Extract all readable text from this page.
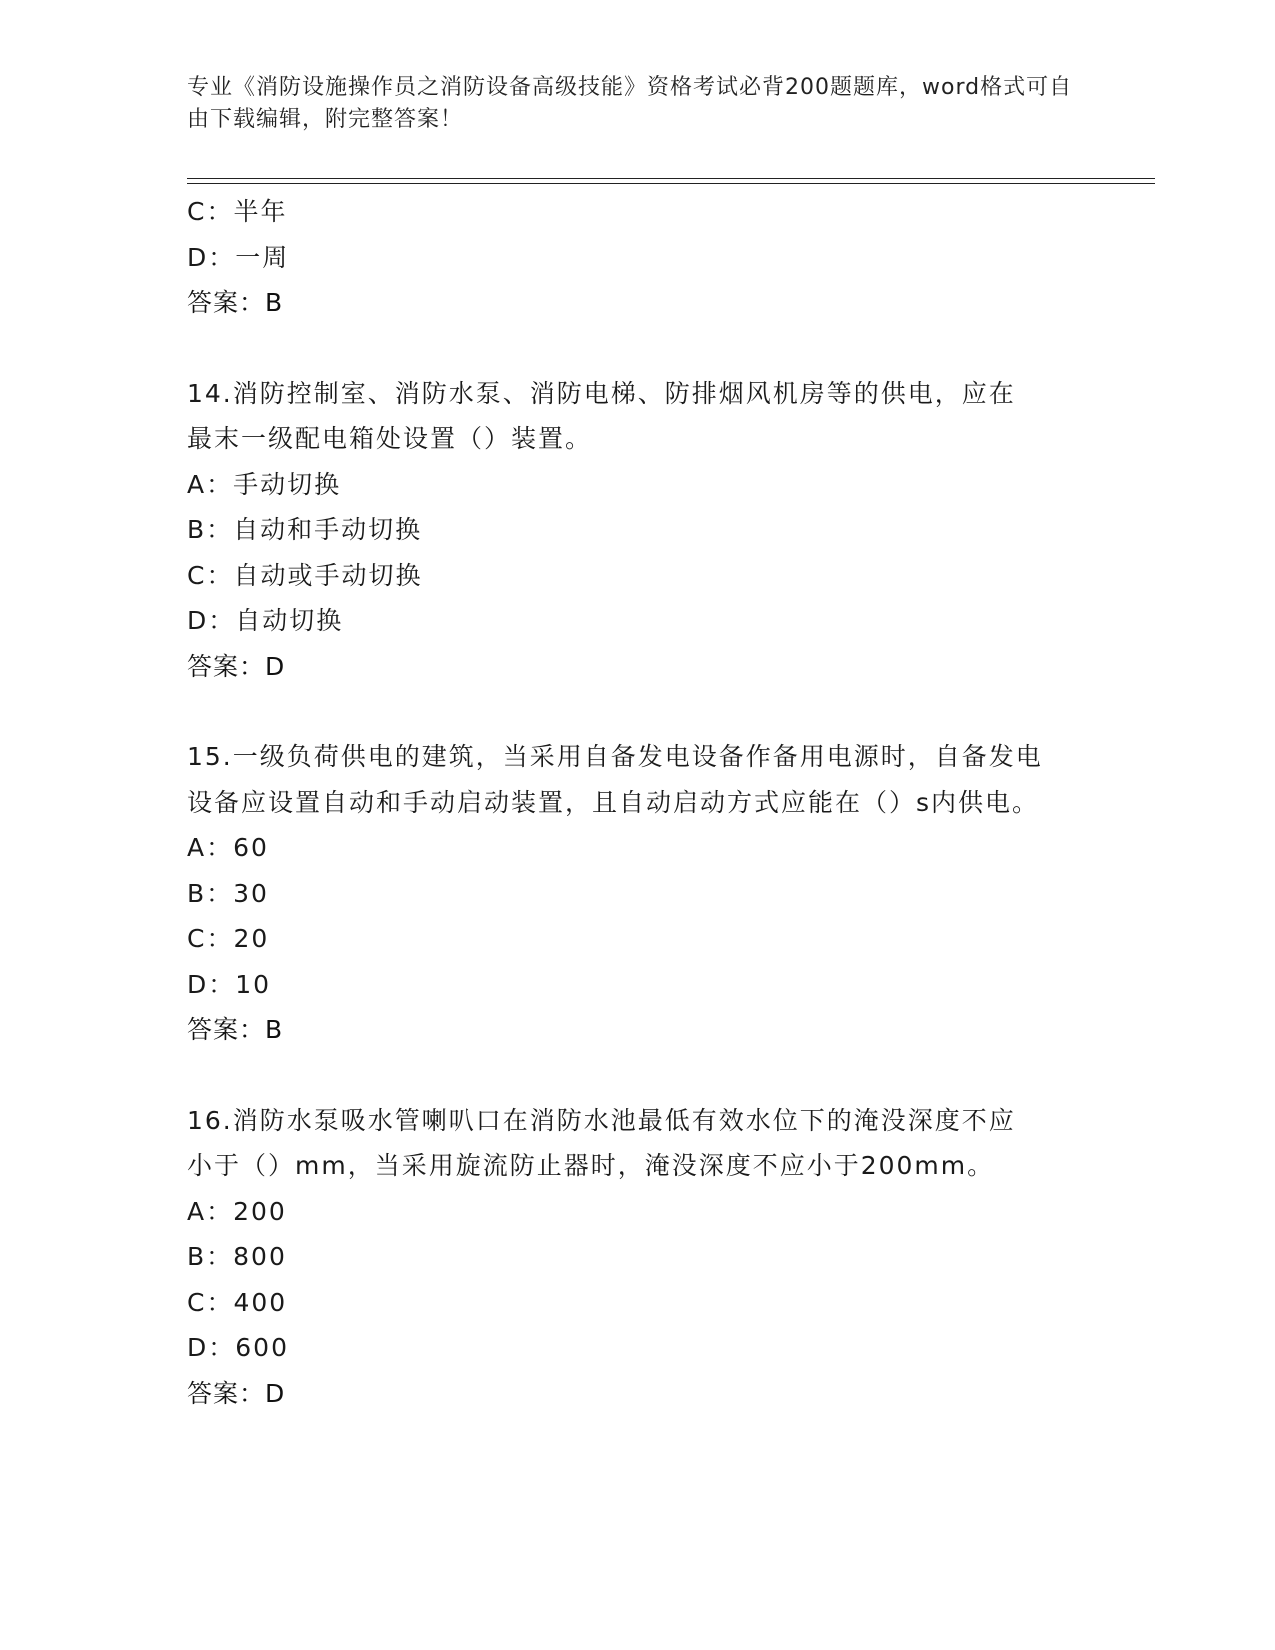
专业《消防设施操作员之消防设备高级技能》资格考试必背200题题库，word格式可自由下载编辑，附完整答案！
C：半年
D：一周
答案：B
14.消防控制室、消防水泵、消防电梯、防排烟风机房等的供电，应在最末一级配电箱处设置（）装置。
A：手动切换
B：自动和手动切换
C：自动或手动切换
D：自动切换
答案：D
15.一级负荷供电的建筑，当采用自备发电设备作备用电源时，自备发电设备应设置自动和手动启动装置，且自动启动方式应能在（）s内供电。
A：60
B：30
C：20
D：10
答案：B
16.消防水泵吸水管喇叭口在消防水池最低有效水位下的淹没深度不应小于（）mm，当采用旋流防止器时，淹没深度不应小于200mm。
A：200
B：800
C：400
D：600
答案：D
